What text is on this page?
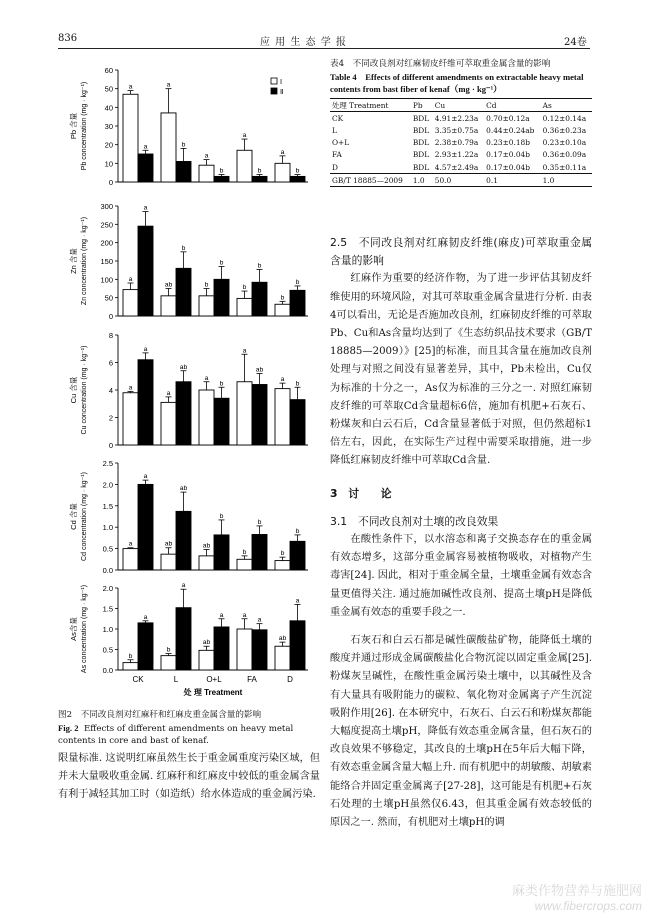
836	应 用 生 态 学 报	24卷
0
10
20
30
40
50
60
Pb 含量 Pb concentration (mg · kg⁻¹)	a
a
a
b
a
b
a
b
a
b
Ⅰ
Ⅱ
0
50
100
150
200
250
300
Zn 含量 Zn concentration (mg · kg⁻¹)	a
a
ab
b
b
b
b
b
b
b
0
2
4
6
8
Cu 含量 Cu concentration (mg · kg⁻¹)	a
a
a
ab
a
b
a
ab
a
b
0.0
0.5
1.0
1.5
2.0
2.5
Cd 含量 Cd concentration (mg · kg⁻¹)	a
a
ab
ab
ab
b
b
b
b
b
0.0
0.5
1.0
1.5
2.0
As含量 As concentration (mg · kg⁻¹)	b
a
b
a
ab
a	a
a
ab
a
CK	L	O+L	FA	D
处 理 Treatment
图2　不同改良剂对红麻秆和红麻皮重金属含量的影响
Fig. 2 Effects of different amendments on heavy metal contents in core and bast of kenaf.
限量标准. 这说明红麻虽然生长于重金属重度污染区域，但并未大量吸收重金属. 红麻秆和红麻皮中较低的重金属含量有利于减轻其加工时（如造纸）给水体造成的重金属污染.
表4　不同改良剂对红麻韧皮纤维可萃取重金属含量的影响
Table 4　Effects of different amendments on extractable heavy metal contents from bast fiber of kenaf（mg · kg⁻¹）
处理 Treatment	Pb	Cu	Cd	As
CK	BDL	4.91±2.23a	0.70±0.12a	0.12±0.14a
L	BDL	3.35±0.75a	0.44±0.24ab	0.36±0.23a
O+L	BDL	2.38±0.79a	0.23±0.18b	0.23±0.10a
FA	BDL	2.93±1.22a	0.17±0.04b	0.36±0.09a
D	BDL	4.57±2.49a	0.17±0.04b	0.35±0.11a
GB/T 18885—2009	1.0	50.0	0.1	1.0
2.5　不同改良剂对红麻韧皮纤维(麻皮)可萃取重金属含量的影响

红麻作为重要的经济作物，为了进一步评估其韧皮纤维使用的环境风险，对其可萃取重金属含量进行分析. 由表4可以看出，无论是否施加改良剂，红麻韧皮纤维的可萃取Pb、Cu和As含量均达到了《生态纺织品技术要求（GB/T 18885—2009）》[25]的标准，而且其含量在施加改良剂处理与对照之间没有显著差异，其中，Pb未检出，Cu仅为标准的十分之一，As仅为标准的三分之一. 对照红麻韧皮纤维的可萃取Cd含量超标6倍，施加有机肥+石灰石、粉煤灰和白云石后，Cd含量显著低于对照，但仍然超标1倍左右，因此，在实际生产过程中需要采取措施，进一步降低红麻韧皮纤维中可萃取Cd含量.

3　讨　　论
3.1　不同改良剂对土壤的改良效果

在酸性条件下，以水溶态和离子交换态存在的重金属有效态增多，这部分重金属容易被植物吸收，对植物产生毒害[24]. 因此，相对于重金属全量，土壤重金属有效态含量更值得关注. 通过施加碱性改良剂、提高土壤pH是降低重金属有效态的重要手段之一.

石灰石和白云石都是碱性碳酸盐矿物，能降低土壤的酸度并通过形成金属碳酸盐化合物沉淀以固定重金属[25]. 粉煤灰呈碱性，在酸性重金属污染土壤中，以其碱性及含有大量具有吸附能力的碳粒、氧化物对金属离子产生沉淀吸附作用[26]. 在本研究中，石灰石、白云石和粉煤灰都能大幅度提高土壤pH，降低有效态重金属含量，但石灰石的改良效果不够稳定，其改良的土壤pH在5年后大幅下降，有效态重金属含量大幅上升. 而有机肥中的胡敏酸、胡敏素能络合并固定重金属离子[27-28]，这可能是有机肥+石灰石处理的土壤pH虽然仅6.43，但其重金属有效态较低的原因之一. 然而，有机肥对土壤pH的调

麻类作物营养与施肥网
www.fibercrops.com
